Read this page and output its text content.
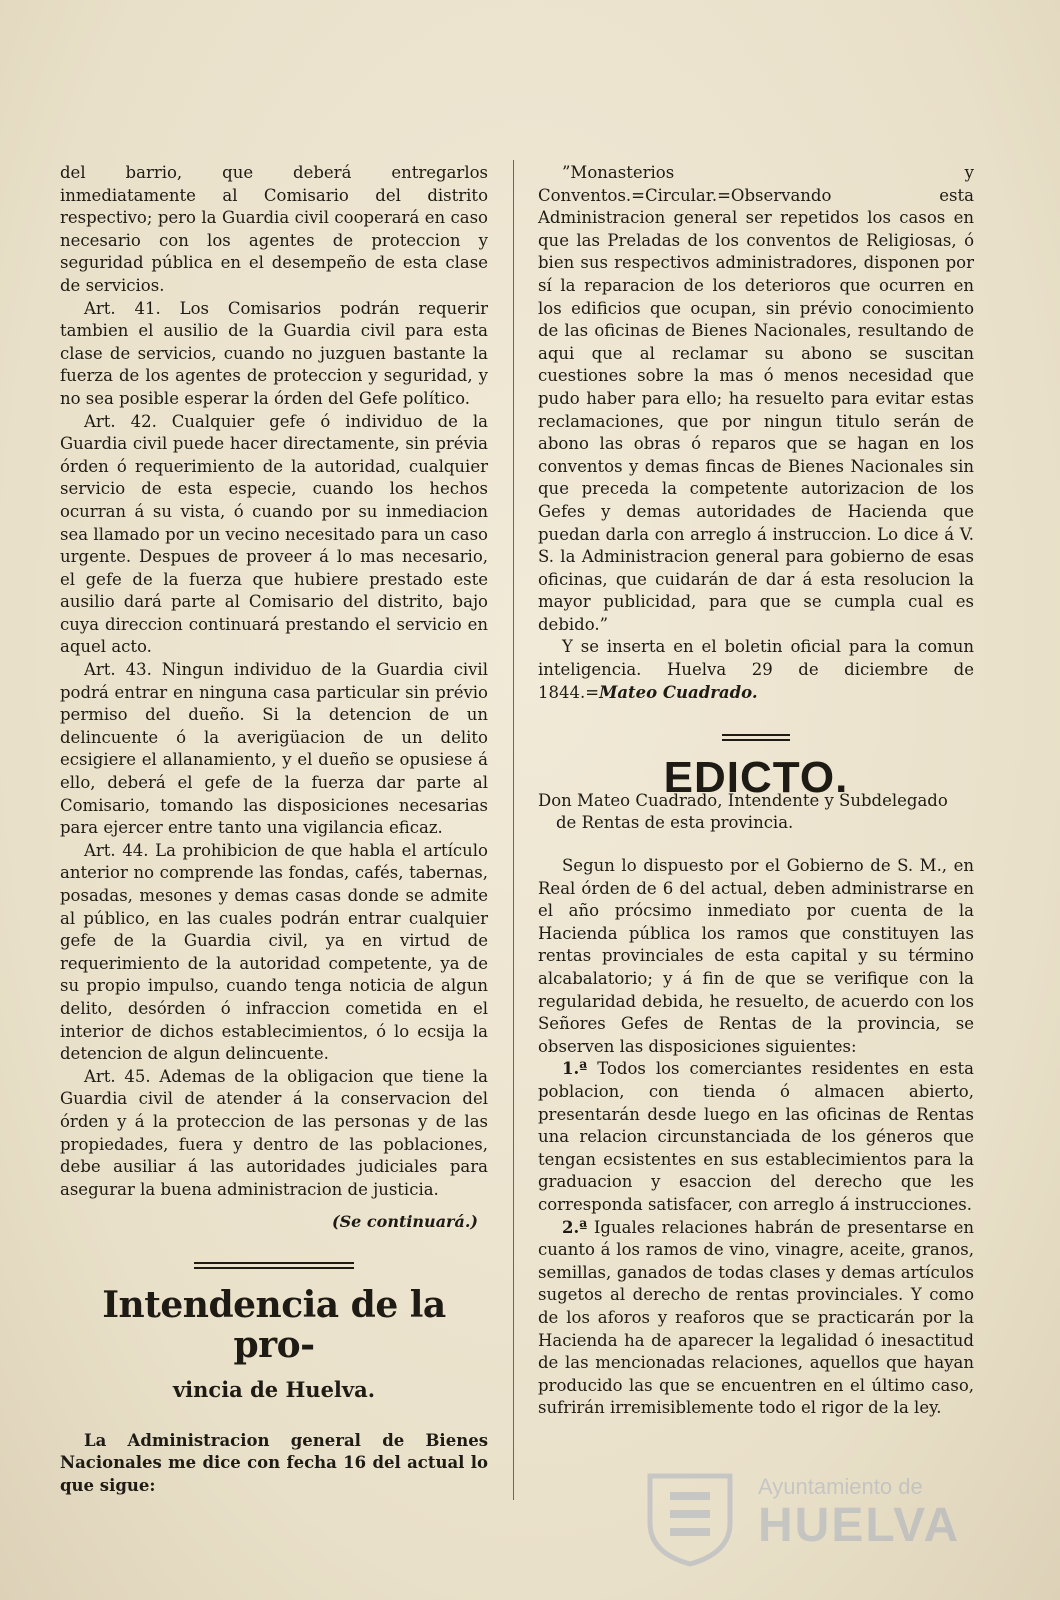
del barrio, que deberá entregarlos inmediatamente al Comisario del distrito respectivo; pero la Guardia civil cooperará en caso necesario con los agentes de proteccion y seguridad pública en el desempeño de esta clase de servicios.

Art. 41. Los Comisarios podrán requerir tambien el ausilio de la Guardia civil para esta clase de servicios, cuando no juzguen bastante la fuerza de los agentes de proteccion y seguridad, y no sea posible esperar la órden del Gefe político.

Art. 42. Cualquier gefe ó individuo de la Guardia civil puede hacer directamente, sin prévia órden ó requerimiento de la autoridad, cualquier servicio de esta especie, cuando los hechos ocurran á su vista, ó cuando por su inmediacion sea llamado por un vecino necesitado para un caso urgente. Despues de proveer á lo mas necesario, el gefe de la fuerza que hubiere prestado este ausilio dará parte al Comisario del distrito, bajo cuya direccion continuará prestando el servicio en aquel acto.

Art. 43. Ningun individuo de la Guardia civil podrá entrar en ninguna casa particular sin prévio permiso del dueño. Si la detencion de un delincuente ó la averigüacion de un delito ecsigiere el allanamiento, y el dueño se opusiese á ello, deberá el gefe de la fuerza dar parte al Comisario, tomando las disposiciones necesarias para ejercer entre tanto una vigilancia eficaz.

Art. 44. La prohibicion de que habla el artículo anterior no comprende las fondas, cafés, tabernas, posadas, mesones y demas casas donde se admite al público, en las cuales podrán entrar cualquier gefe de la Guardia civil, ya en virtud de requerimiento de la autoridad competente, ya de su propio impulso, cuando tenga noticia de algun delito, desórden ó infraccion cometida en el interior de dichos establecimientos, ó lo ecsija la detencion de algun delincuente.

Art. 45. Ademas de la obligacion que tiene la Guardia civil de atender á la conservacion del órden y á la proteccion de las personas y de las propiedades, fuera y dentro de las poblaciones, debe ausiliar á las autoridades judiciales para asegurar la buena administracion de justicia.

(Se continuará.)
Intendencia de la pro-
vincia de Huelva.

La Administracion general de Bienes Nacionales me dice con fecha 16 del actual lo que sigue:

”Monasterios y Conventos.=Circular.=Observando esta Administracion general ser repetidos los casos en que las Preladas de los conventos de Religiosas, ó bien sus respectivos administradores, disponen por sí la reparacion de los deterioros que ocurren en los edificios que ocupan, sin prévio conocimiento de las oficinas de Bienes Nacionales, resultando de aqui que al reclamar su abono se suscitan cuestiones sobre la mas ó menos necesidad que pudo haber para ello; ha resuelto para evitar estas reclamaciones, que por ningun titulo serán de abono las obras ó reparos que se hagan en los conventos y demas fincas de Bienes Nacionales sin que preceda la competente autorizacion de los Gefes y demas autoridades de Hacienda que puedan darla con arreglo á instruccion. Lo dice á V. S. la Administracion general para gobierno de esas oficinas, que cuidarán de dar á esta resolucion la mayor publicidad, para que se cumpla cual es debido.”

Y se inserta en el boletin oficial para la comun inteligencia. Huelva 29 de diciembre de 1844.=Mateo Cuadrado.

EDICTO.

Don Mateo Cuadrado, Intendente y Subdelegado

de Rentas de esta provincia.

Segun lo dispuesto por el Gobierno de S. M., en Real órden de 6 del actual, deben administrarse en el año prócsimo inmediato por cuenta de la Hacienda pública los ramos que constituyen las rentas provinciales de esta capital y su término alcabalatorio; y á fin de que se verifique con la regularidad debida, he resuelto, de acuerdo con los Señores Gefes de Rentas de la provincia, se observen las disposiciones siguientes:

1.ª Todos los comerciantes residentes en esta poblacion, con tienda ó almacen abierto, presentarán desde luego en las oficinas de Rentas una relacion circunstanciada de los géneros que tengan ecsistentes en sus establecimientos para la graduacion y esaccion del derecho que les corresponda satisfacer, con arreglo á instrucciones.

2.ª Iguales relaciones habrán de presentarse en cuanto á los ramos de vino, vinagre, aceite, granos, semillas, ganados de todas clases y demas artículos sugetos al derecho de rentas provinciales. Y como de los aforos y reaforos que se practicarán por la Hacienda ha de aparecer la legalidad ó inesactitud de las mencionadas relaciones, aquellos que hayan producido las que se encuentren en el último caso, sufrirán irremisiblemente todo el rigor de la ley.

Ayuntamiento de
HUELVA
